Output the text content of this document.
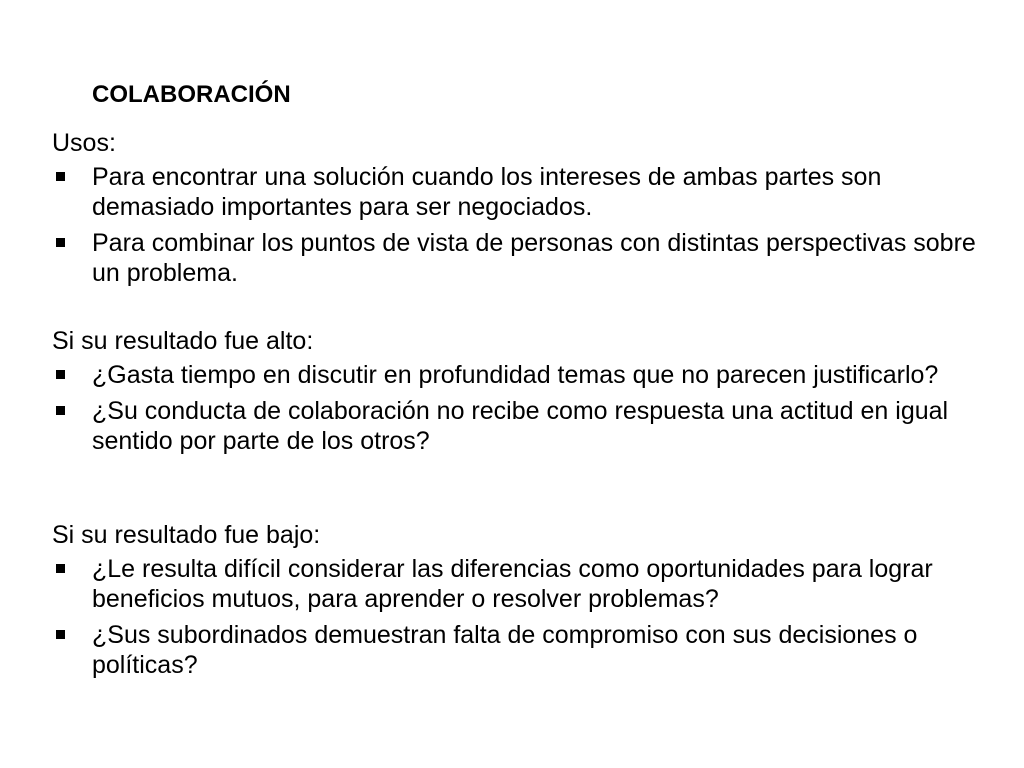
COLABORACIÓN

Usos:

Para encontrar una solución cuando los intereses de ambas partes son demasiado importantes para ser negociados.
Para combinar los puntos de vista de personas con distintas perspectivas sobre un problema.

Si su resultado fue alto:

¿Gasta tiempo en discutir en profundidad temas que no parecen justificarlo?
¿Su conducta de colaboración no recibe como respuesta una actitud en igual sentido por parte de los otros?

Si su resultado fue bajo:

¿Le resulta difícil considerar las diferencias como oportunidades para lograr beneficios mutuos, para aprender o resolver problemas?
¿Sus subordinados demuestran falta de compromiso con sus decisiones o políticas?
